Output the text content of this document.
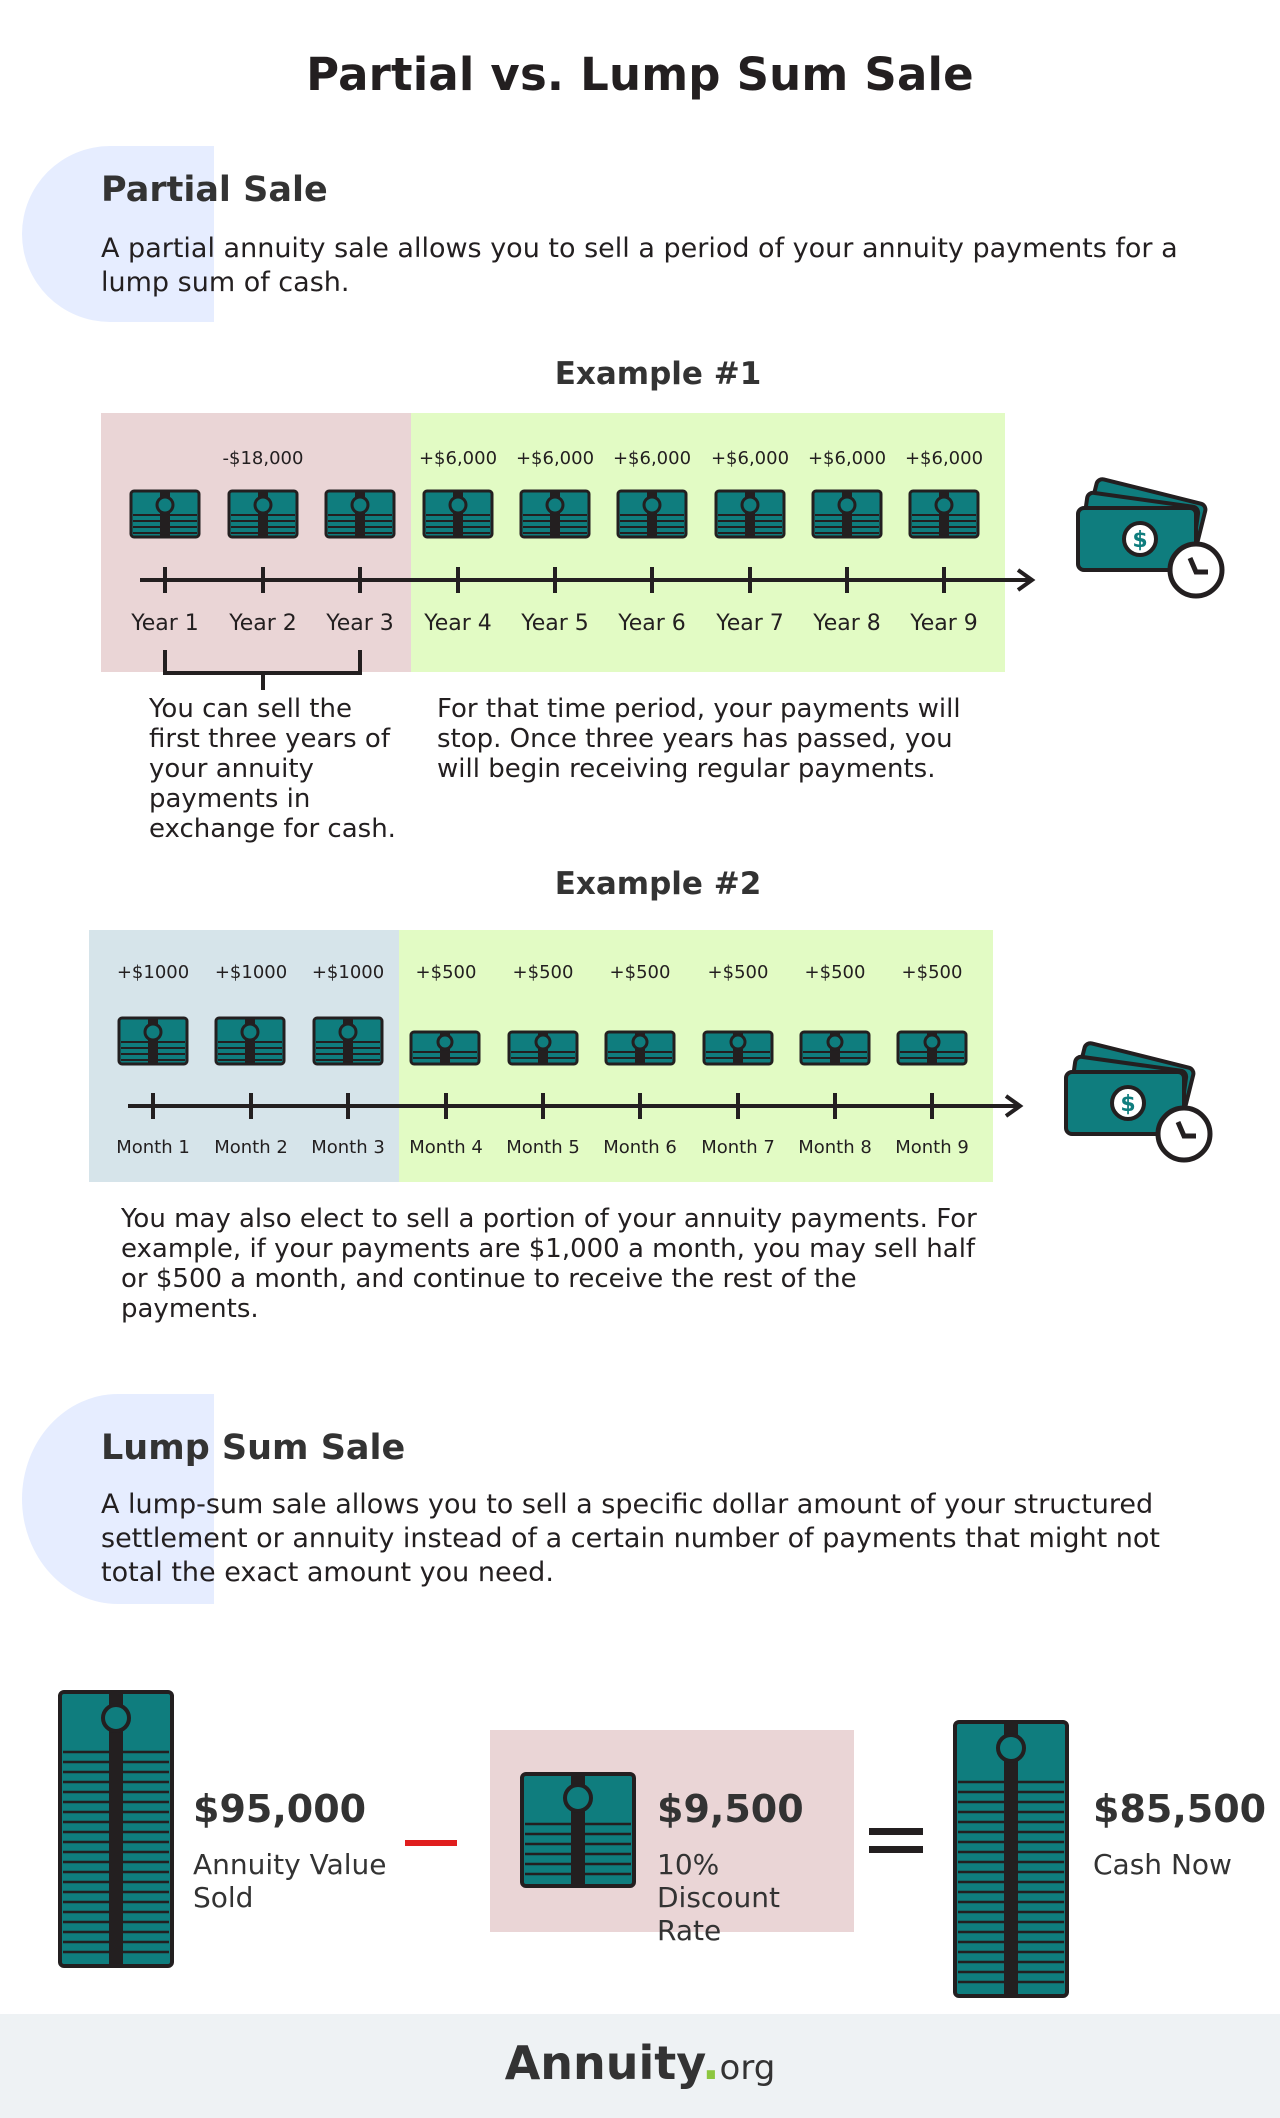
Partial vs. Lump Sum Sale
Partial Sale
A partial annuity sale allows you to sell a period of your annuity payments for a lump sum of cash.
Example #1
You can sell the first three years of your annuity payments in exchange for cash.
For that time period, your payments will stop. Once three years has passed, you will begin receiving regular payments.
Example #2
You may also elect to sell a portion of your annuity payments. For example, if your payments are $1,000 a month, you may sell half or $500 a month, and continue to receive the rest of the payments.
$
Lump Sum Sale
A lump-sum sale allows you to sell a specific dollar amount of your structured settlement or annuity instead of a certain number of payments that might not total the exact amount you need.
$95,000
Annuity Value Sold
$9,500
10% Discount Rate
$85,500
Cash Now
Annuity.org
-$18,000	+$6,000	+$6,000	+$6,000	+$6,000	+$6,000	+$6,000
Year 1	Year 2	Year 3	Year 4	Year 5	Year 6	Year 7	Year 8	Year 9
+$1000	+$1000	+$1000	+$500	+$500	+$500	+$500	+$500	+$500
Month 1	Month 2	Month 3	Month 4	Month 5	Month 6	Month 7	Month 8	Month 9
